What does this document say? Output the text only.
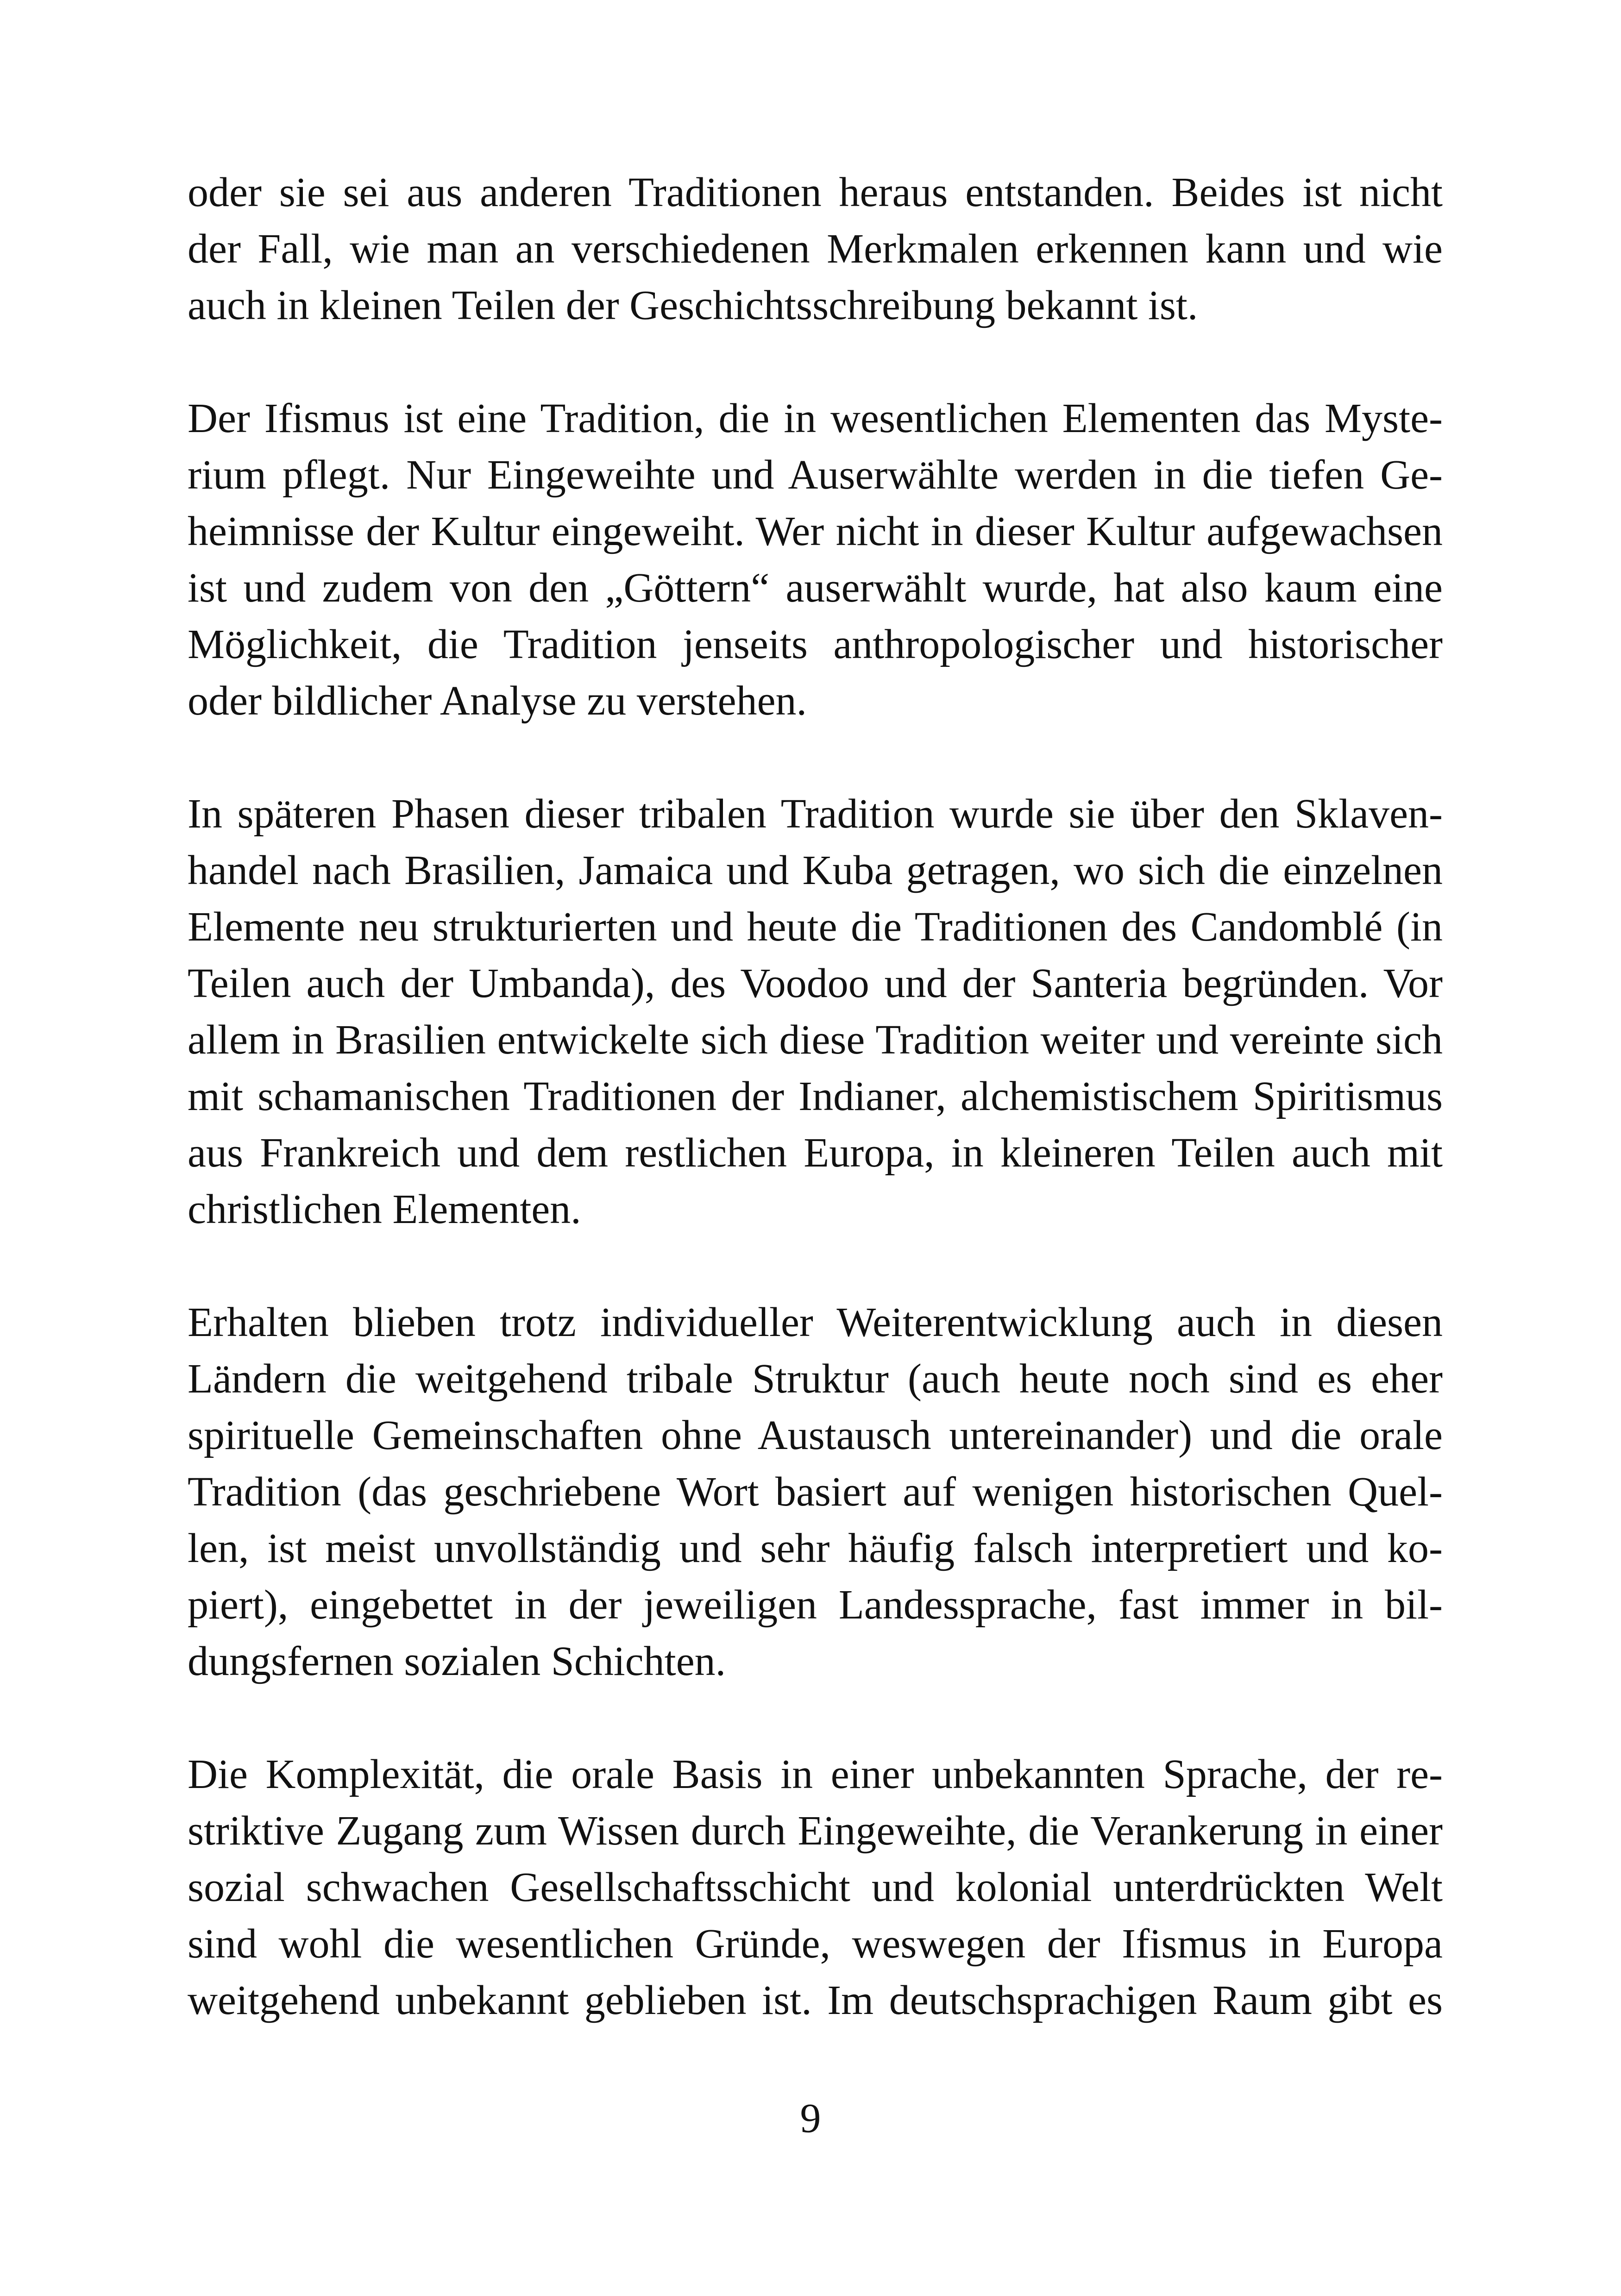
oder sie sei aus anderen Traditionen heraus entstanden. Beides ist nicht
der Fall, wie man an verschiedenen Merkmalen erkennen kann und wie
auch in kleinen Teilen der Geschichtsschreibung bekannt ist.
Der Ifismus ist eine Tradition, die in wesentlichen Elementen das Myste-
rium pflegt. Nur Eingeweihte und Auserwählte werden in die tiefen Ge-
heimnisse der Kultur eingeweiht. Wer nicht in dieser Kultur aufgewachsen
ist und zudem von den „Göttern“ auserwählt wurde, hat also kaum eine
Möglichkeit, die Tradition jenseits anthropologischer und historischer
oder bildlicher Analyse zu verstehen.
In späteren Phasen dieser tribalen Tradition wurde sie über den Sklaven-
handel nach Brasilien, Jamaica und Kuba getragen, wo sich die einzelnen
Elemente neu strukturierten und heute die Traditionen des Candomblé (in
Teilen auch der Umbanda), des Voodoo und der Santeria begründen. Vor
allem in Brasilien entwickelte sich diese Tradition weiter und vereinte sich
mit schamanischen Traditionen der Indianer, alchemistischem Spiritismus
aus Frankreich und dem restlichen Europa, in kleineren Teilen auch mit
christlichen Elementen.
Erhalten blieben trotz individueller Weiterentwicklung auch in diesen
Ländern die weitgehend tribale Struktur (auch heute noch sind es eher
spirituelle Gemeinschaften ohne Austausch untereinander) und die orale
Tradition (das geschriebene Wort basiert auf wenigen historischen Quel-
len, ist meist unvollständig und sehr häufig falsch interpretiert und ko-
piert), eingebettet in der jeweiligen Landessprache, fast immer in bil-
dungsfernen sozialen Schichten.
Die Komplexität, die orale Basis in einer unbekannten Sprache, der re-
striktive Zugang zum Wissen durch Eingeweihte, die Verankerung in einer
sozial schwachen Gesellschaftsschicht und kolonial unterdrückten Welt
sind wohl die wesentlichen Gründe, weswegen der Ifismus in Europa
weitgehend unbekannt geblieben ist. Im deutschsprachigen Raum gibt es
9
